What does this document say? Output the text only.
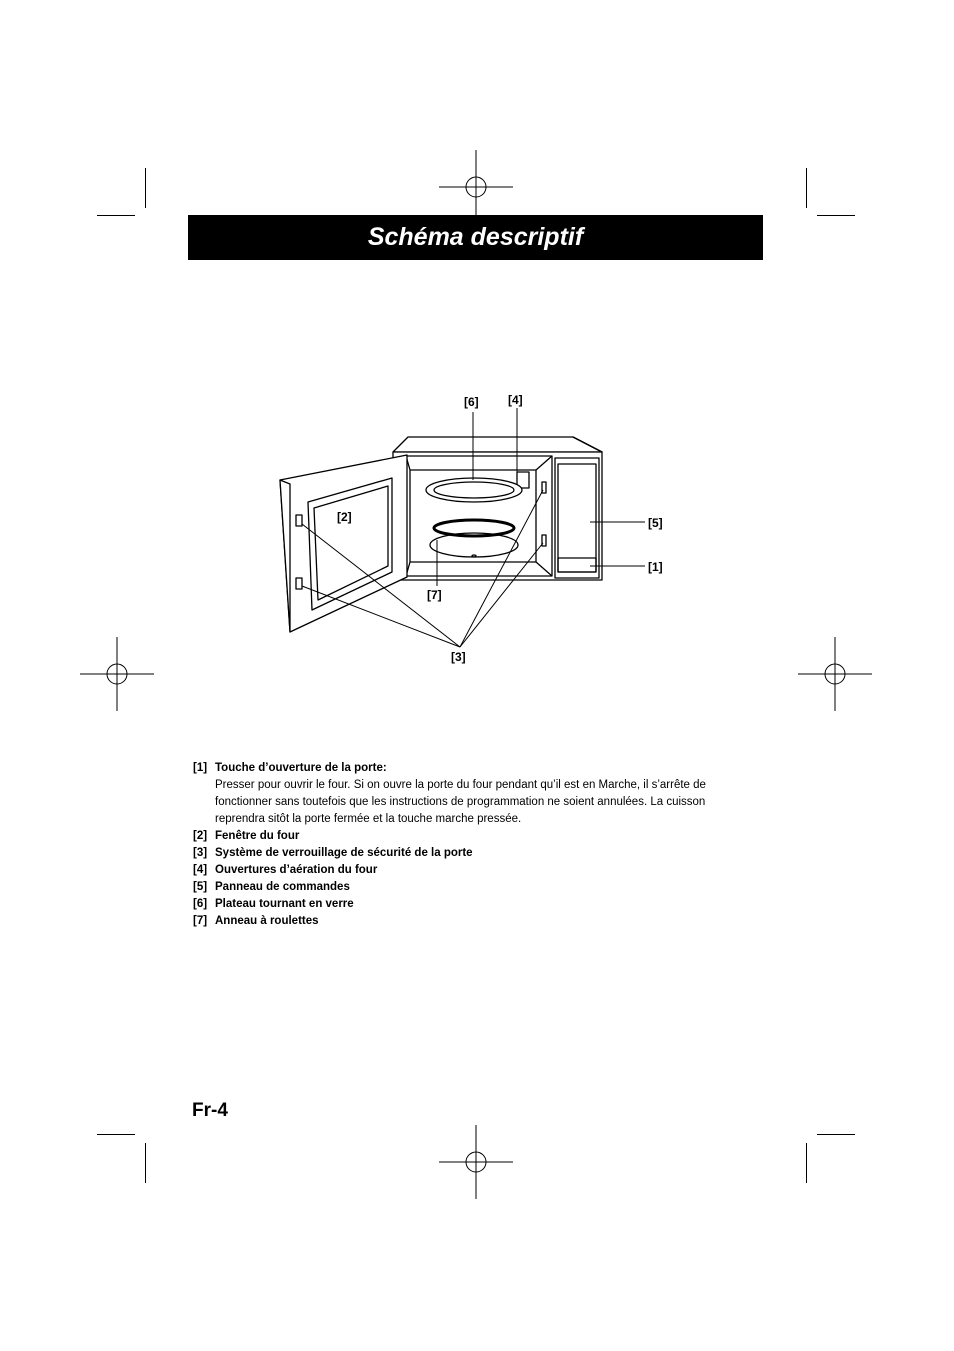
Schéma descriptif
[6] [4]
[2]	[5]
[1]
[7]
[3]
[1] Touche d’ouverture de la porte:
Presser pour ouvrir le four. Si on ouvre la porte du four pendant qu’il est en Marche, il s’arrête de fonctionner sans toutefois que les instructions de programmation ne soient annulées. La cuisson reprendra sitôt la porte fermée et la touche marche pressée.
[2] Fenêtre du four
[3] Système de verrouillage de sécurité de la porte
[4] Ouvertures d’aération du four
[5] Panneau de commandes
[6] Plateau tournant en verre
[7] Anneau à roulettes
Fr-4
